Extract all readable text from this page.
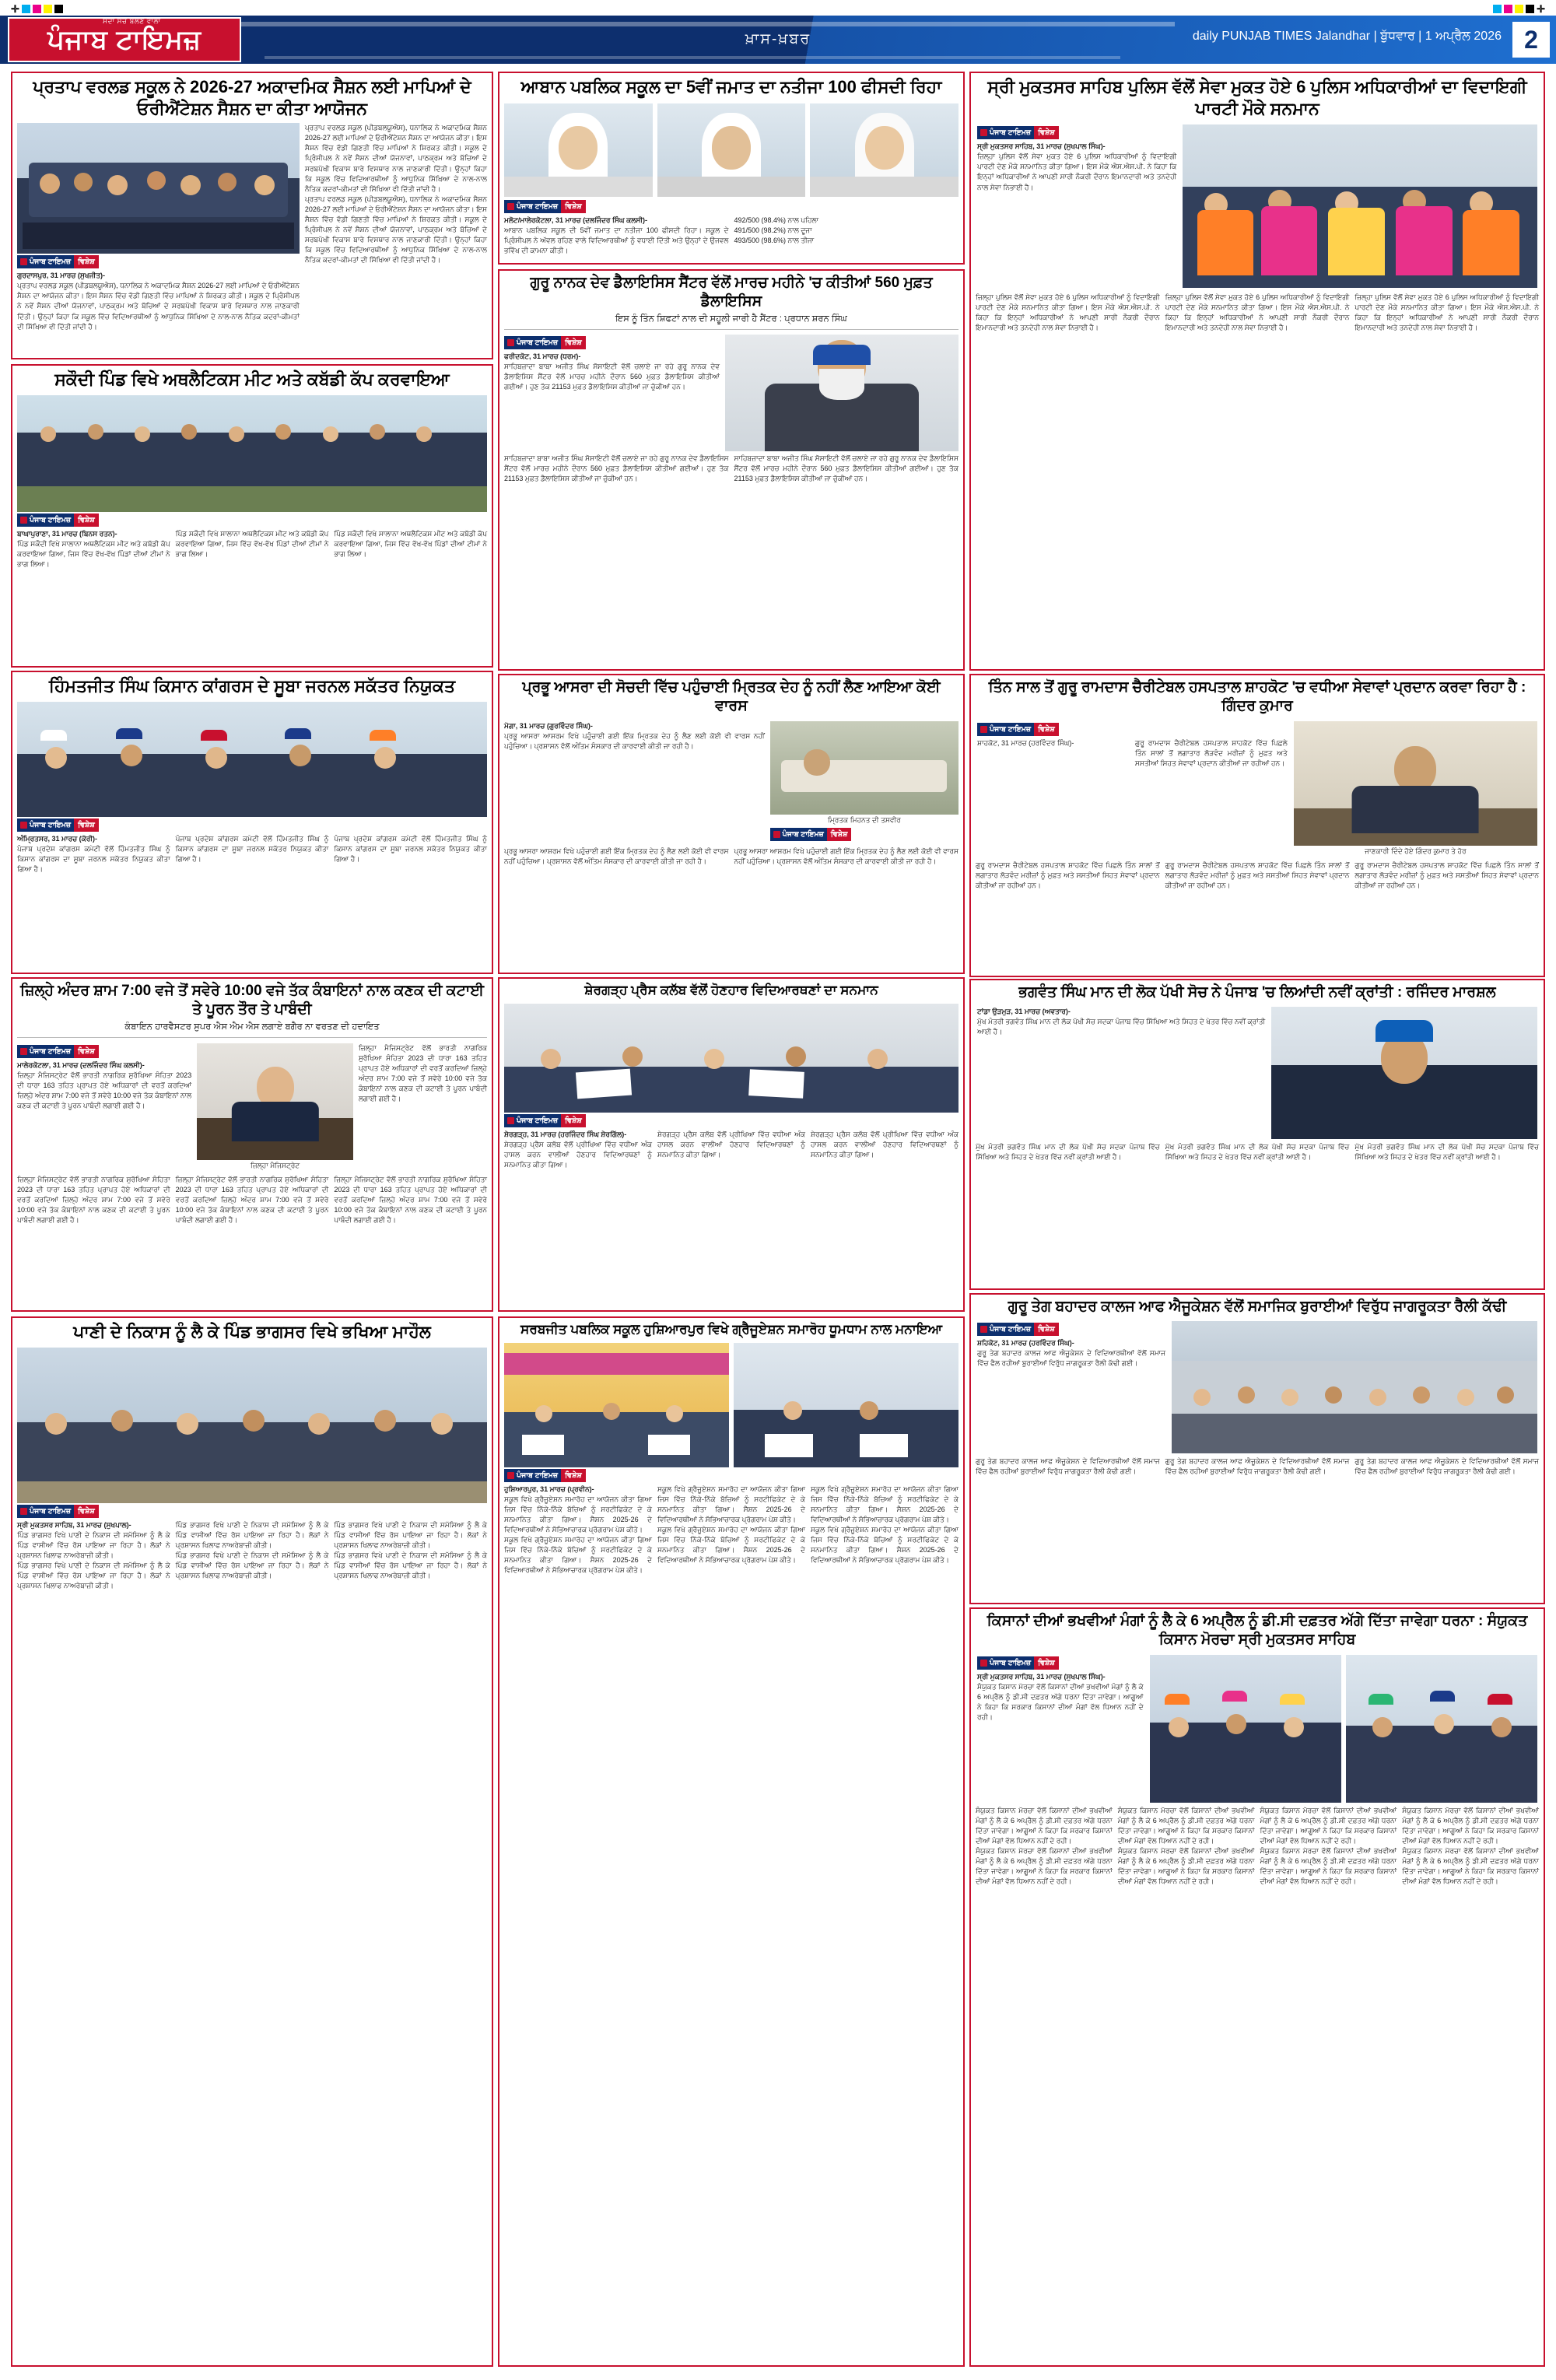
✛	✛
ਸਦਾ ਸੱਚ ਬੋਲਣ ਵਾਲਾ
ਪੰਜਾਬ ਟਾਇਮਜ਼	ਖ਼ਾਸ-ਖ਼ਬਰ	daily PUNJAB TIMES Jalandhar | ਬੁੱਧਵਾਰ | 1 ਅਪ੍ਰੈਲ 2026 2
ਪ੍ਰਤਾਪ ਵਰਲਡ ਸਕੂਲ ਨੇ 2026-27 ਅਕਾਦਮਿਕ ਸੈਸ਼ਨ ਲਈ ਮਾਪਿਆਂ ਦੇ ਓਰੀਐਂਟੇਸ਼ਨ ਸੈਸ਼ਨ ਦਾ ਕੀਤਾ ਆਯੋਜਨ
ਪੰਜਾਬ ਟਾਇਮਜ਼ ਵਿਸ਼ੇਸ਼
ਗੁਰਦਾਸਪੁਰ, 31 ਮਾਰਚ (ਸੁਖਜੀਤ)-
ਪ੍ਰਤਾਪ ਵਰਲਡ ਸਕੂਲ (ਪੀਡਬਲਯੂਐਸ), ਧਨਾਲਿਕ ਨੇ ਅਕਾਦਮਿਕ ਸੈਸ਼ਨ 2026-27 ਲਈ ਮਾਪਿਆਂ ਦੇ ਓਰੀਐਂਟੇਸ਼ਨ ਸੈਸ਼ਨ ਦਾ ਆਯੋਜਨ ਕੀਤਾ। ਇਸ ਸੈਸ਼ਨ ਵਿੱਚ ਵੱਡੀ ਗਿਣਤੀ ਵਿੱਚ ਮਾਪਿਆਂ ਨੇ ਸ਼ਿਰਕਤ ਕੀਤੀ। ਸਕੂਲ ਦੇ ਪ੍ਰਿੰਸੀਪਲ ਨੇ ਨਵੇਂ ਸੈਸ਼ਨ ਦੀਆਂ ਯੋਜਨਾਵਾਂ, ਪਾਠਕ੍ਰਮ ਅਤੇ ਬੱਚਿਆਂ ਦੇ ਸਰਬਪੱਖੀ ਵਿਕਾਸ ਬਾਰੇ ਵਿਸਥਾਰ ਨਾਲ ਜਾਣਕਾਰੀ ਦਿੱਤੀ। ਉਨ੍ਹਾਂ ਕਿਹਾ ਕਿ ਸਕੂਲ ਵਿੱਚ ਵਿਦਿਆਰਥੀਆਂ ਨੂੰ ਆਧੁਨਿਕ ਸਿੱਖਿਆ ਦੇ ਨਾਲ-ਨਾਲ ਨੈਤਿਕ ਕਦਰਾਂ-ਕੀਮਤਾਂ ਦੀ ਸਿੱਖਿਆ ਵੀ ਦਿੱਤੀ ਜਾਂਦੀ ਹੈ।
ਪ੍ਰਤਾਪ ਵਰਲਡ ਸਕੂਲ (ਪੀਡਬਲਯੂਐਸ), ਧਨਾਲਿਕ ਨੇ ਅਕਾਦਮਿਕ ਸੈਸ਼ਨ 2026-27 ਲਈ ਮਾਪਿਆਂ ਦੇ ਓਰੀਐਂਟੇਸ਼ਨ ਸੈਸ਼ਨ ਦਾ ਆਯੋਜਨ ਕੀਤਾ। ਇਸ ਸੈਸ਼ਨ ਵਿੱਚ ਵੱਡੀ ਗਿਣਤੀ ਵਿੱਚ ਮਾਪਿਆਂ ਨੇ ਸ਼ਿਰਕਤ ਕੀਤੀ। ਸਕੂਲ ਦੇ ਪ੍ਰਿੰਸੀਪਲ ਨੇ ਨਵੇਂ ਸੈਸ਼ਨ ਦੀਆਂ ਯੋਜਨਾਵਾਂ, ਪਾਠਕ੍ਰਮ ਅਤੇ ਬੱਚਿਆਂ ਦੇ ਸਰਬਪੱਖੀ ਵਿਕਾਸ ਬਾਰੇ ਵਿਸਥਾਰ ਨਾਲ ਜਾਣਕਾਰੀ ਦਿੱਤੀ। ਉਨ੍ਹਾਂ ਕਿਹਾ ਕਿ ਸਕੂਲ ਵਿੱਚ ਵਿਦਿਆਰਥੀਆਂ ਨੂੰ ਆਧੁਨਿਕ ਸਿੱਖਿਆ ਦੇ ਨਾਲ-ਨਾਲ ਨੈਤਿਕ ਕਦਰਾਂ-ਕੀਮਤਾਂ ਦੀ ਸਿੱਖਿਆ ਵੀ ਦਿੱਤੀ ਜਾਂਦੀ ਹੈ।
ਪ੍ਰਤਾਪ ਵਰਲਡ ਸਕੂਲ (ਪੀਡਬਲਯੂਐਸ), ਧਨਾਲਿਕ ਨੇ ਅਕਾਦਮਿਕ ਸੈਸ਼ਨ 2026-27 ਲਈ ਮਾਪਿਆਂ ਦੇ ਓਰੀਐਂਟੇਸ਼ਨ ਸੈਸ਼ਨ ਦਾ ਆਯੋਜਨ ਕੀਤਾ। ਇਸ ਸੈਸ਼ਨ ਵਿੱਚ ਵੱਡੀ ਗਿਣਤੀ ਵਿੱਚ ਮਾਪਿਆਂ ਨੇ ਸ਼ਿਰਕਤ ਕੀਤੀ। ਸਕੂਲ ਦੇ ਪ੍ਰਿੰਸੀਪਲ ਨੇ ਨਵੇਂ ਸੈਸ਼ਨ ਦੀਆਂ ਯੋਜਨਾਵਾਂ, ਪਾਠਕ੍ਰਮ ਅਤੇ ਬੱਚਿਆਂ ਦੇ ਸਰਬਪੱਖੀ ਵਿਕਾਸ ਬਾਰੇ ਵਿਸਥਾਰ ਨਾਲ ਜਾਣਕਾਰੀ ਦਿੱਤੀ। ਉਨ੍ਹਾਂ ਕਿਹਾ ਕਿ ਸਕੂਲ ਵਿੱਚ ਵਿਦਿਆਰਥੀਆਂ ਨੂੰ ਆਧੁਨਿਕ ਸਿੱਖਿਆ ਦੇ ਨਾਲ-ਨਾਲ ਨੈਤਿਕ ਕਦਰਾਂ-ਕੀਮਤਾਂ ਦੀ ਸਿੱਖਿਆ ਵੀ ਦਿੱਤੀ ਜਾਂਦੀ ਹੈ।
ਆਬਾਨ ਪਬਲਿਕ ਸਕੂਲ ਦਾ 5ਵੀਂ ਜਮਾਤ ਦਾ ਨਤੀਜਾ 100 ਫੀਸਦੀ ਰਿਹਾ
ਪੰਜਾਬ ਟਾਇਮਜ਼ ਵਿਸ਼ੇਸ਼
ਮਲੋਟ/ਮਾਲੇਰਕੋਟਲਾ, 31 ਮਾਰਚ (ਦਲਜਿੰਦਰ ਸਿੰਘ ਕਲਸੀ)-
ਆਬਾਨ ਪਬਲਿਕ ਸਕੂਲ ਦੀ 5ਵੀਂ ਜਮਾਤ ਦਾ ਨਤੀਜਾ 100 ਫੀਸਦੀ ਰਿਹਾ। ਸਕੂਲ ਦੇ ਪ੍ਰਿੰਸੀਪਲ ਨੇ ਅੱਵਲ ਰਹਿਣ ਵਾਲੇ ਵਿਦਿਆਰਥੀਆਂ ਨੂੰ ਵਧਾਈ ਦਿੱਤੀ ਅਤੇ ਉਨ੍ਹਾਂ ਦੇ ਉਜਵਲ ਭਵਿੱਖ ਦੀ ਕਾਮਨਾ ਕੀਤੀ।
492/500 (98.4%) ਨਾਲ ਪਹਿਲਾ
491/500 (98.2%) ਨਾਲ ਦੂਜਾ
493/500 (98.6%) ਨਾਲ ਤੀਜਾ
ਸ੍ਰੀ ਮੁਕਤਸਰ ਸਾਹਿਬ ਪੁਲਿਸ ਵੱਲੋਂ ਸੇਵਾ ਮੁਕਤ ਹੋਏ 6 ਪੁਲਿਸ ਅਧਿਕਾਰੀਆਂ ਦਾ ਵਿਦਾਇਗੀ ਪਾਰਟੀ ਮੌਕੇ ਸਨਮਾਨ
ਪੰਜਾਬ ਟਾਇਮਜ਼ ਵਿਸ਼ੇਸ਼
ਸ੍ਰੀ ਮੁਕਤਸਰ ਸਾਹਿਬ, 31 ਮਾਰਚ (ਸੁਖਪਾਲ ਸਿੰਘ)-
ਜ਼ਿਲ੍ਹਾ ਪੁਲਿਸ ਵੱਲੋਂ ਸੇਵਾ ਮੁਕਤ ਹੋਏ 6 ਪੁਲਿਸ ਅਧਿਕਾਰੀਆਂ ਨੂੰ ਵਿਦਾਇਗੀ ਪਾਰਟੀ ਦੇਣ ਮੌਕੇ ਸਨਮਾਨਿਤ ਕੀਤਾ ਗਿਆ। ਇਸ ਮੌਕੇ ਐਸ.ਐਸ.ਪੀ. ਨੇ ਕਿਹਾ ਕਿ ਇਨ੍ਹਾਂ ਅਧਿਕਾਰੀਆਂ ਨੇ ਆਪਣੀ ਸਾਰੀ ਨੌਕਰੀ ਦੌਰਾਨ ਇਮਾਨਦਾਰੀ ਅਤੇ ਤਨਦੇਹੀ ਨਾਲ ਸੇਵਾ ਨਿਭਾਈ ਹੈ।
ਜ਼ਿਲ੍ਹਾ ਪੁਲਿਸ ਵੱਲੋਂ ਸੇਵਾ ਮੁਕਤ ਹੋਏ 6 ਪੁਲਿਸ ਅਧਿਕਾਰੀਆਂ ਨੂੰ ਵਿਦਾਇਗੀ ਪਾਰਟੀ ਦੇਣ ਮੌਕੇ ਸਨਮਾਨਿਤ ਕੀਤਾ ਗਿਆ। ਇਸ ਮੌਕੇ ਐਸ.ਐਸ.ਪੀ. ਨੇ ਕਿਹਾ ਕਿ ਇਨ੍ਹਾਂ ਅਧਿਕਾਰੀਆਂ ਨੇ ਆਪਣੀ ਸਾਰੀ ਨੌਕਰੀ ਦੌਰਾਨ ਇਮਾਨਦਾਰੀ ਅਤੇ ਤਨਦੇਹੀ ਨਾਲ ਸੇਵਾ ਨਿਭਾਈ ਹੈ।
ਜ਼ਿਲ੍ਹਾ ਪੁਲਿਸ ਵੱਲੋਂ ਸੇਵਾ ਮੁਕਤ ਹੋਏ 6 ਪੁਲਿਸ ਅਧਿਕਾਰੀਆਂ ਨੂੰ ਵਿਦਾਇਗੀ ਪਾਰਟੀ ਦੇਣ ਮੌਕੇ ਸਨਮਾਨਿਤ ਕੀਤਾ ਗਿਆ। ਇਸ ਮੌਕੇ ਐਸ.ਐਸ.ਪੀ. ਨੇ ਕਿਹਾ ਕਿ ਇਨ੍ਹਾਂ ਅਧਿਕਾਰੀਆਂ ਨੇ ਆਪਣੀ ਸਾਰੀ ਨੌਕਰੀ ਦੌਰਾਨ ਇਮਾਨਦਾਰੀ ਅਤੇ ਤਨਦੇਹੀ ਨਾਲ ਸੇਵਾ ਨਿਭਾਈ ਹੈ।
ਜ਼ਿਲ੍ਹਾ ਪੁਲਿਸ ਵੱਲੋਂ ਸੇਵਾ ਮੁਕਤ ਹੋਏ 6 ਪੁਲਿਸ ਅਧਿਕਾਰੀਆਂ ਨੂੰ ਵਿਦਾਇਗੀ ਪਾਰਟੀ ਦੇਣ ਮੌਕੇ ਸਨਮਾਨਿਤ ਕੀਤਾ ਗਿਆ। ਇਸ ਮੌਕੇ ਐਸ.ਐਸ.ਪੀ. ਨੇ ਕਿਹਾ ਕਿ ਇਨ੍ਹਾਂ ਅਧਿਕਾਰੀਆਂ ਨੇ ਆਪਣੀ ਸਾਰੀ ਨੌਕਰੀ ਦੌਰਾਨ ਇਮਾਨਦਾਰੀ ਅਤੇ ਤਨਦੇਹੀ ਨਾਲ ਸੇਵਾ ਨਿਭਾਈ ਹੈ।
ਗੁਰੂ ਨਾਨਕ ਦੇਵ ਡੈਲਾਇਸਿਸ ਸੈਂਟਰ ਵੱਲੋਂ ਮਾਰਚ ਮਹੀਨੇ 'ਚ ਕੀਤੀਆਂ 560 ਮੁਫ਼ਤ ਡੈਲਾਇਸਿਸ
ਇਸ ਨੂੰ ਤਿੰਨ ਸ਼ਿਫਟਾਂ ਨਾਲ ਦੀ ਸਹੂਲੀ ਜਾਰੀ ਹੈ ਸੈਂਟਰ : ਪ੍ਰਧਾਨ ਸ਼ਰਨ ਸਿੰਘ
ਪੰਜਾਬ ਟਾਇਮਜ਼ ਵਿਸ਼ੇਸ਼
ਫਰੀਦਕੋਟ, 31 ਮਾਰਚ (ਧਰਮ)-
ਸਾਹਿਬਜ਼ਾਦਾ ਬਾਬਾ ਅਜੀਤ ਸਿੰਘ ਸੋਸਾਇਟੀ ਵੱਲੋਂ ਚਲਾਏ ਜਾ ਰਹੇ ਗੁਰੂ ਨਾਨਕ ਦੇਵ ਡੈਲਾਇਸਿਸ ਸੈਂਟਰ ਵੱਲੋਂ ਮਾਰਚ ਮਹੀਨੇ ਦੌਰਾਨ 560 ਮੁਫ਼ਤ ਡੈਲਾਇਸਿਸ ਕੀਤੀਆਂ ਗਈਆਂ। ਹੁਣ ਤੱਕ 21153 ਮੁਫ਼ਤ ਡੈਲਾਇਸਿਸ ਕੀਤੀਆਂ ਜਾ ਚੁੱਕੀਆਂ ਹਨ।
ਸਾਹਿਬਜ਼ਾਦਾ ਬਾਬਾ ਅਜੀਤ ਸਿੰਘ ਸੋਸਾਇਟੀ ਵੱਲੋਂ ਚਲਾਏ ਜਾ ਰਹੇ ਗੁਰੂ ਨਾਨਕ ਦੇਵ ਡੈਲਾਇਸਿਸ ਸੈਂਟਰ ਵੱਲੋਂ ਮਾਰਚ ਮਹੀਨੇ ਦੌਰਾਨ 560 ਮੁਫ਼ਤ ਡੈਲਾਇਸਿਸ ਕੀਤੀਆਂ ਗਈਆਂ। ਹੁਣ ਤੱਕ 21153 ਮੁਫ਼ਤ ਡੈਲਾਇਸਿਸ ਕੀਤੀਆਂ ਜਾ ਚੁੱਕੀਆਂ ਹਨ।
ਸਾਹਿਬਜ਼ਾਦਾ ਬਾਬਾ ਅਜੀਤ ਸਿੰਘ ਸੋਸਾਇਟੀ ਵੱਲੋਂ ਚਲਾਏ ਜਾ ਰਹੇ ਗੁਰੂ ਨਾਨਕ ਦੇਵ ਡੈਲਾਇਸਿਸ ਸੈਂਟਰ ਵੱਲੋਂ ਮਾਰਚ ਮਹੀਨੇ ਦੌਰਾਨ 560 ਮੁਫ਼ਤ ਡੈਲਾਇਸਿਸ ਕੀਤੀਆਂ ਗਈਆਂ। ਹੁਣ ਤੱਕ 21153 ਮੁਫ਼ਤ ਡੈਲਾਇਸਿਸ ਕੀਤੀਆਂ ਜਾ ਚੁੱਕੀਆਂ ਹਨ।
ਸਕੌਦੀ ਪਿੰਡ ਵਿਖੇ ਅਥਲੈਟਿਕਸ ਮੀਟ ਅਤੇ ਕਬੱਡੀ ਕੱਪ ਕਰਵਾਇਆ
ਪੰਜਾਬ ਟਾਇਮਜ਼ ਵਿਸ਼ੇਸ਼
ਬਾਘਾਪੁਰਾਣਾ, 31 ਮਾਰਚ (ਬਿਨਸ ਰਤਨ)-
ਪਿੰਡ ਸਕੌਦੀ ਵਿਖੇ ਸਾਲਾਨਾ ਅਥਲੈਟਿਕਸ ਮੀਟ ਅਤੇ ਕਬੱਡੀ ਕੱਪ ਕਰਵਾਇਆ ਗਿਆ, ਜਿਸ ਵਿੱਚ ਵੱਖ-ਵੱਖ ਪਿੰਡਾਂ ਦੀਆਂ ਟੀਮਾਂ ਨੇ ਭਾਗ ਲਿਆ।
ਪਿੰਡ ਸਕੌਦੀ ਵਿਖੇ ਸਾਲਾਨਾ ਅਥਲੈਟਿਕਸ ਮੀਟ ਅਤੇ ਕਬੱਡੀ ਕੱਪ ਕਰਵਾਇਆ ਗਿਆ, ਜਿਸ ਵਿੱਚ ਵੱਖ-ਵੱਖ ਪਿੰਡਾਂ ਦੀਆਂ ਟੀਮਾਂ ਨੇ ਭਾਗ ਲਿਆ।
ਪਿੰਡ ਸਕੌਦੀ ਵਿਖੇ ਸਾਲਾਨਾ ਅਥਲੈਟਿਕਸ ਮੀਟ ਅਤੇ ਕਬੱਡੀ ਕੱਪ ਕਰਵਾਇਆ ਗਿਆ, ਜਿਸ ਵਿੱਚ ਵੱਖ-ਵੱਖ ਪਿੰਡਾਂ ਦੀਆਂ ਟੀਮਾਂ ਨੇ ਭਾਗ ਲਿਆ।
ਤਿੰਨ ਸਾਲ ਤੋਂ ਗੁਰੂ ਰਾਮਦਾਸ ਚੈਰੀਟੇਬਲ ਹਸਪਤਾਲ ਸ਼ਾਹਕੋਟ 'ਚ ਵਧੀਆ ਸੇਵਾਵਾਂ ਪ੍ਰਦਾਨ ਕਰਵਾ ਰਿਹਾ ਹੈ : ਗਿੰਦਰ ਕੁਮਾਰ
ਪੰਜਾਬ ਟਾਇਮਜ਼ ਵਿਸ਼ੇਸ਼
ਸ਼ਾਹਕੋਟ, 31 ਮਾਰਚ (ਹਰਵਿੰਦਰ ਸਿੰਘ)-	ਗੁਰੂ ਰਾਮਦਾਸ ਚੈਰੀਟੇਬਲ ਹਸਪਤਾਲ ਸ਼ਾਹਕੋਟ ਵਿੱਚ ਪਿਛਲੇ ਤਿੰਨ ਸਾਲਾਂ ਤੋਂ ਲਗਾਤਾਰ ਲੋੜਵੰਦ ਮਰੀਜ਼ਾਂ ਨੂੰ ਮੁਫ਼ਤ ਅਤੇ ਸਸਤੀਆਂ ਸਿਹਤ ਸੇਵਾਵਾਂ ਪ੍ਰਦਾਨ ਕੀਤੀਆਂ ਜਾ ਰਹੀਆਂ ਹਨ।
ਜਾਣਕਾਰੀ ਦਿੰਦੇ ਹੋਏ ਗਿੰਦਰ ਕੁਮਾਰ ਤੇ ਹੋਰ
ਗੁਰੂ ਰਾਮਦਾਸ ਚੈਰੀਟੇਬਲ ਹਸਪਤਾਲ ਸ਼ਾਹਕੋਟ ਵਿੱਚ ਪਿਛਲੇ ਤਿੰਨ ਸਾਲਾਂ ਤੋਂ ਲਗਾਤਾਰ ਲੋੜਵੰਦ ਮਰੀਜ਼ਾਂ ਨੂੰ ਮੁਫ਼ਤ ਅਤੇ ਸਸਤੀਆਂ ਸਿਹਤ ਸੇਵਾਵਾਂ ਪ੍ਰਦਾਨ ਕੀਤੀਆਂ ਜਾ ਰਹੀਆਂ ਹਨ।
ਗੁਰੂ ਰਾਮਦਾਸ ਚੈਰੀਟੇਬਲ ਹਸਪਤਾਲ ਸ਼ਾਹਕੋਟ ਵਿੱਚ ਪਿਛਲੇ ਤਿੰਨ ਸਾਲਾਂ ਤੋਂ ਲਗਾਤਾਰ ਲੋੜਵੰਦ ਮਰੀਜ਼ਾਂ ਨੂੰ ਮੁਫ਼ਤ ਅਤੇ ਸਸਤੀਆਂ ਸਿਹਤ ਸੇਵਾਵਾਂ ਪ੍ਰਦਾਨ ਕੀਤੀਆਂ ਜਾ ਰਹੀਆਂ ਹਨ।
ਗੁਰੂ ਰਾਮਦਾਸ ਚੈਰੀਟੇਬਲ ਹਸਪਤਾਲ ਸ਼ਾਹਕੋਟ ਵਿੱਚ ਪਿਛਲੇ ਤਿੰਨ ਸਾਲਾਂ ਤੋਂ ਲਗਾਤਾਰ ਲੋੜਵੰਦ ਮਰੀਜ਼ਾਂ ਨੂੰ ਮੁਫ਼ਤ ਅਤੇ ਸਸਤੀਆਂ ਸਿਹਤ ਸੇਵਾਵਾਂ ਪ੍ਰਦਾਨ ਕੀਤੀਆਂ ਜਾ ਰਹੀਆਂ ਹਨ।
ਹਿੰਮਤਜੀਤ ਸਿੰਘ ਕਿਸਾਨ ਕਾਂਗਰਸ ਦੇ ਸੂਬਾ ਜਰਨਲ ਸਕੱਤਰ ਨਿਯੁਕਤ
ਪੰਜਾਬ ਟਾਇਮਜ਼ ਵਿਸ਼ੇਸ਼
ਅੰਮ੍ਰਿਤਸਰ, 31 ਮਾਰਚ (ਕੋਰੀ)-
ਪੰਜਾਬ ਪ੍ਰਦੇਸ਼ ਕਾਂਗਰਸ ਕਮੇਟੀ ਵੱਲੋਂ ਹਿੰਮਤਜੀਤ ਸਿੰਘ ਨੂੰ ਕਿਸਾਨ ਕਾਂਗਰਸ ਦਾ ਸੂਬਾ ਜਰਨਲ ਸਕੱਤਰ ਨਿਯੁਕਤ ਕੀਤਾ ਗਿਆ ਹੈ।
ਪੰਜਾਬ ਪ੍ਰਦੇਸ਼ ਕਾਂਗਰਸ ਕਮੇਟੀ ਵੱਲੋਂ ਹਿੰਮਤਜੀਤ ਸਿੰਘ ਨੂੰ ਕਿਸਾਨ ਕਾਂਗਰਸ ਦਾ ਸੂਬਾ ਜਰਨਲ ਸਕੱਤਰ ਨਿਯੁਕਤ ਕੀਤਾ ਗਿਆ ਹੈ।
ਪੰਜਾਬ ਪ੍ਰਦੇਸ਼ ਕਾਂਗਰਸ ਕਮੇਟੀ ਵੱਲੋਂ ਹਿੰਮਤਜੀਤ ਸਿੰਘ ਨੂੰ ਕਿਸਾਨ ਕਾਂਗਰਸ ਦਾ ਸੂਬਾ ਜਰਨਲ ਸਕੱਤਰ ਨਿਯੁਕਤ ਕੀਤਾ ਗਿਆ ਹੈ।
ਪ੍ਰਭੂ ਆਸਰਾ ਦੀ ਸੋਚਦੀ ਵਿੱਚ ਪਹੁੰਚਾਈ ਮ੍ਰਿਤਕ ਦੇਹ ਨੂੰ ਨਹੀਂ ਲੈਣ ਆਇਆ ਕੋਈ ਵਾਰਸ
ਮੋਗਾ, 31 ਮਾਰਚ (ਗੁਰਵਿੰਦਰ ਸਿੰਘ)-
ਪ੍ਰਭੂ ਆਸਰਾ ਆਸ਼ਰਮ ਵਿਖੇ ਪਹੁੰਚਾਈ ਗਈ ਇੱਕ ਮ੍ਰਿਤਕ ਦੇਹ ਨੂੰ ਲੈਣ ਲਈ ਕੋਈ ਵੀ ਵਾਰਸ ਨਹੀਂ ਪਹੁੰਚਿਆ। ਪ੍ਰਸ਼ਾਸਨ ਵੱਲੋਂ ਅੰਤਿਮ ਸੰਸਕਾਰ ਦੀ ਕਾਰਵਾਈ ਕੀਤੀ ਜਾ ਰਹੀ ਹੈ।
ਮ੍ਰਿਤਕ ਮਿਹਨਤ ਦੀ ਤਸਵੀਰ
ਪੰਜਾਬ ਟਾਇਮਜ਼ ਵਿਸ਼ੇਸ਼
ਪ੍ਰਭੂ ਆਸਰਾ ਆਸ਼ਰਮ ਵਿਖੇ ਪਹੁੰਚਾਈ ਗਈ ਇੱਕ ਮ੍ਰਿਤਕ ਦੇਹ ਨੂੰ ਲੈਣ ਲਈ ਕੋਈ ਵੀ ਵਾਰਸ ਨਹੀਂ ਪਹੁੰਚਿਆ। ਪ੍ਰਸ਼ਾਸਨ ਵੱਲੋਂ ਅੰਤਿਮ ਸੰਸਕਾਰ ਦੀ ਕਾਰਵਾਈ ਕੀਤੀ ਜਾ ਰਹੀ ਹੈ।
ਪ੍ਰਭੂ ਆਸਰਾ ਆਸ਼ਰਮ ਵਿਖੇ ਪਹੁੰਚਾਈ ਗਈ ਇੱਕ ਮ੍ਰਿਤਕ ਦੇਹ ਨੂੰ ਲੈਣ ਲਈ ਕੋਈ ਵੀ ਵਾਰਸ ਨਹੀਂ ਪਹੁੰਚਿਆ। ਪ੍ਰਸ਼ਾਸਨ ਵੱਲੋਂ ਅੰਤਿਮ ਸੰਸਕਾਰ ਦੀ ਕਾਰਵਾਈ ਕੀਤੀ ਜਾ ਰਹੀ ਹੈ।
ਭਗਵੰਤ ਸਿੰਘ ਮਾਨ ਦੀ ਲੋਕ ਪੱਖੀ ਸੋਚ ਨੇ ਪੰਜਾਬ 'ਚ ਲਿਆਂਦੀ ਨਵੀਂ ਕ੍ਰਾਂਤੀ : ਰਜਿੰਦਰ ਮਾਰਸ਼ਲ
ਟਾਂਡਾ ਉੜਮੁੜ, 31 ਮਾਰਚ (ਅਵਤਾਰ)-
ਮੁੱਖ ਮੰਤਰੀ ਭਗਵੰਤ ਸਿੰਘ ਮਾਨ ਦੀ ਲੋਕ ਪੱਖੀ ਸੋਚ ਸਦਕਾ ਪੰਜਾਬ ਵਿੱਚ ਸਿੱਖਿਆ ਅਤੇ ਸਿਹਤ ਦੇ ਖੇਤਰ ਵਿੱਚ ਨਵੀਂ ਕ੍ਰਾਂਤੀ ਆਈ ਹੈ।
ਮੁੱਖ ਮੰਤਰੀ ਭਗਵੰਤ ਸਿੰਘ ਮਾਨ ਦੀ ਲੋਕ ਪੱਖੀ ਸੋਚ ਸਦਕਾ ਪੰਜਾਬ ਵਿੱਚ ਸਿੱਖਿਆ ਅਤੇ ਸਿਹਤ ਦੇ ਖੇਤਰ ਵਿੱਚ ਨਵੀਂ ਕ੍ਰਾਂਤੀ ਆਈ ਹੈ।
ਮੁੱਖ ਮੰਤਰੀ ਭਗਵੰਤ ਸਿੰਘ ਮਾਨ ਦੀ ਲੋਕ ਪੱਖੀ ਸੋਚ ਸਦਕਾ ਪੰਜਾਬ ਵਿੱਚ ਸਿੱਖਿਆ ਅਤੇ ਸਿਹਤ ਦੇ ਖੇਤਰ ਵਿੱਚ ਨਵੀਂ ਕ੍ਰਾਂਤੀ ਆਈ ਹੈ।
ਮੁੱਖ ਮੰਤਰੀ ਭਗਵੰਤ ਸਿੰਘ ਮਾਨ ਦੀ ਲੋਕ ਪੱਖੀ ਸੋਚ ਸਦਕਾ ਪੰਜਾਬ ਵਿੱਚ ਸਿੱਖਿਆ ਅਤੇ ਸਿਹਤ ਦੇ ਖੇਤਰ ਵਿੱਚ ਨਵੀਂ ਕ੍ਰਾਂਤੀ ਆਈ ਹੈ।
ਜ਼ਿਲ੍ਹੇ ਅੰਦਰ ਸ਼ਾਮ 7:00 ਵਜੇ ਤੋਂ ਸਵੇਰੇ 10:00 ਵਜੇ ਤੱਕ ਕੰਬਾਇਨਾਂ ਨਾਲ ਕਣਕ ਦੀ ਕਟਾਈ ਤੇ ਪੂਰਨ ਤੌਰ ਤੇ ਪਾਬੰਦੀ
ਕੰਬਾਇਨ ਹਾਰਵੈਸਟਰ ਸੁਪਰ ਐਸ ਐਮ ਐਸ ਲਗਾਏ ਬਗੈਰ ਨਾ ਵਰਤਣ ਦੀ ਹਦਾਇਤ
ਪੰਜਾਬ ਟਾਇਮਜ਼ ਵਿਸ਼ੇਸ਼
ਮਾਲੇਰਕੋਟਲਾ, 31 ਮਾਰਚ (ਦਲਜਿੰਦਰ ਸਿੰਘ ਕਲਸੀ)-
ਜ਼ਿਲ੍ਹਾ ਮੈਜਿਸਟ੍ਰੇਟ ਵੱਲੋਂ ਭਾਰਤੀ ਨਾਗਰਿਕ ਸੁਰੱਖਿਆ ਸੰਹਿਤਾ 2023 ਦੀ ਧਾਰਾ 163 ਤਹਿਤ ਪ੍ਰਾਪਤ ਹੋਏ ਅਧਿਕਾਰਾਂ ਦੀ ਵਰਤੋਂ ਕਰਦਿਆਂ ਜ਼ਿਲ੍ਹੇ ਅੰਦਰ ਸ਼ਾਮ 7:00 ਵਜੇ ਤੋਂ ਸਵੇਰੇ 10:00 ਵਜੇ ਤੱਕ ਕੰਬਾਇਨਾਂ ਨਾਲ ਕਣਕ ਦੀ ਕਟਾਈ ਤੇ ਪੂਰਨ ਪਾਬੰਦੀ ਲਗਾਈ ਗਈ ਹੈ।
ਜ਼ਿਲ੍ਹਾ ਮੈਜਿਸਟ੍ਰੇਟ
ਜ਼ਿਲ੍ਹਾ ਮੈਜਿਸਟ੍ਰੇਟ ਵੱਲੋਂ ਭਾਰਤੀ ਨਾਗਰਿਕ ਸੁਰੱਖਿਆ ਸੰਹਿਤਾ 2023 ਦੀ ਧਾਰਾ 163 ਤਹਿਤ ਪ੍ਰਾਪਤ ਹੋਏ ਅਧਿਕਾਰਾਂ ਦੀ ਵਰਤੋਂ ਕਰਦਿਆਂ ਜ਼ਿਲ੍ਹੇ ਅੰਦਰ ਸ਼ਾਮ 7:00 ਵਜੇ ਤੋਂ ਸਵੇਰੇ 10:00 ਵਜੇ ਤੱਕ ਕੰਬਾਇਨਾਂ ਨਾਲ ਕਣਕ ਦੀ ਕਟਾਈ ਤੇ ਪੂਰਨ ਪਾਬੰਦੀ ਲਗਾਈ ਗਈ ਹੈ।
ਜ਼ਿਲ੍ਹਾ ਮੈਜਿਸਟ੍ਰੇਟ ਵੱਲੋਂ ਭਾਰਤੀ ਨਾਗਰਿਕ ਸੁਰੱਖਿਆ ਸੰਹਿਤਾ 2023 ਦੀ ਧਾਰਾ 163 ਤਹਿਤ ਪ੍ਰਾਪਤ ਹੋਏ ਅਧਿਕਾਰਾਂ ਦੀ ਵਰਤੋਂ ਕਰਦਿਆਂ ਜ਼ਿਲ੍ਹੇ ਅੰਦਰ ਸ਼ਾਮ 7:00 ਵਜੇ ਤੋਂ ਸਵੇਰੇ 10:00 ਵਜੇ ਤੱਕ ਕੰਬਾਇਨਾਂ ਨਾਲ ਕਣਕ ਦੀ ਕਟਾਈ ਤੇ ਪੂਰਨ ਪਾਬੰਦੀ ਲਗਾਈ ਗਈ ਹੈ।
ਜ਼ਿਲ੍ਹਾ ਮੈਜਿਸਟ੍ਰੇਟ ਵੱਲੋਂ ਭਾਰਤੀ ਨਾਗਰਿਕ ਸੁਰੱਖਿਆ ਸੰਹਿਤਾ 2023 ਦੀ ਧਾਰਾ 163 ਤਹਿਤ ਪ੍ਰਾਪਤ ਹੋਏ ਅਧਿਕਾਰਾਂ ਦੀ ਵਰਤੋਂ ਕਰਦਿਆਂ ਜ਼ਿਲ੍ਹੇ ਅੰਦਰ ਸ਼ਾਮ 7:00 ਵਜੇ ਤੋਂ ਸਵੇਰੇ 10:00 ਵਜੇ ਤੱਕ ਕੰਬਾਇਨਾਂ ਨਾਲ ਕਣਕ ਦੀ ਕਟਾਈ ਤੇ ਪੂਰਨ ਪਾਬੰਦੀ ਲਗਾਈ ਗਈ ਹੈ।
ਜ਼ਿਲ੍ਹਾ ਮੈਜਿਸਟ੍ਰੇਟ ਵੱਲੋਂ ਭਾਰਤੀ ਨਾਗਰਿਕ ਸੁਰੱਖਿਆ ਸੰਹਿਤਾ 2023 ਦੀ ਧਾਰਾ 163 ਤਹਿਤ ਪ੍ਰਾਪਤ ਹੋਏ ਅਧਿਕਾਰਾਂ ਦੀ ਵਰਤੋਂ ਕਰਦਿਆਂ ਜ਼ਿਲ੍ਹੇ ਅੰਦਰ ਸ਼ਾਮ 7:00 ਵਜੇ ਤੋਂ ਸਵੇਰੇ 10:00 ਵਜੇ ਤੱਕ ਕੰਬਾਇਨਾਂ ਨਾਲ ਕਣਕ ਦੀ ਕਟਾਈ ਤੇ ਪੂਰਨ ਪਾਬੰਦੀ ਲਗਾਈ ਗਈ ਹੈ।
ਸ਼ੇਰਗੜ੍ਹ ਪ੍ਰੈਸ ਕਲੱਬ ਵੱਲੋਂ ਹੋਣਹਾਰ ਵਿਦਿਆਰਥਣਾਂ ਦਾ ਸਨਮਾਨ
ਪੰਜਾਬ ਟਾਇਮਜ਼ ਵਿਸ਼ੇਸ਼
ਸ਼ੇਰਗੜ੍ਹ, 31 ਮਾਰਚ (ਹਰਜਿੰਦਰ ਸਿੰਘ ਸ਼ੇਰਗਿੱਲ)-
ਸ਼ੇਰਗੜ੍ਹ ਪ੍ਰੈਸ ਕਲੱਬ ਵੱਲੋਂ ਪ੍ਰੀਖਿਆ ਵਿੱਚ ਵਧੀਆ ਅੰਕ ਹਾਸਲ ਕਰਨ ਵਾਲੀਆਂ ਹੋਣਹਾਰ ਵਿਦਿਆਰਥਣਾਂ ਨੂੰ ਸਨਮਾਨਿਤ ਕੀਤਾ ਗਿਆ।
ਸ਼ੇਰਗੜ੍ਹ ਪ੍ਰੈਸ ਕਲੱਬ ਵੱਲੋਂ ਪ੍ਰੀਖਿਆ ਵਿੱਚ ਵਧੀਆ ਅੰਕ ਹਾਸਲ ਕਰਨ ਵਾਲੀਆਂ ਹੋਣਹਾਰ ਵਿਦਿਆਰਥਣਾਂ ਨੂੰ ਸਨਮਾਨਿਤ ਕੀਤਾ ਗਿਆ।
ਸ਼ੇਰਗੜ੍ਹ ਪ੍ਰੈਸ ਕਲੱਬ ਵੱਲੋਂ ਪ੍ਰੀਖਿਆ ਵਿੱਚ ਵਧੀਆ ਅੰਕ ਹਾਸਲ ਕਰਨ ਵਾਲੀਆਂ ਹੋਣਹਾਰ ਵਿਦਿਆਰਥਣਾਂ ਨੂੰ ਸਨਮਾਨਿਤ ਕੀਤਾ ਗਿਆ।
ਗੁਰੂ ਤੇਗ ਬਹਾਦਰ ਕਾਲਜ ਆਫ ਐਜੂਕੇਸ਼ਨ ਵੱਲੋਂ ਸਮਾਜਿਕ ਬੁਰਾਈਆਂ ਵਿਰੁੱਧ ਜਾਗਰੂਕਤਾ ਰੈਲੀ ਕੱਢੀ
ਪੰਜਾਬ ਟਾਇਮਜ਼ ਵਿਸ਼ੇਸ਼
ਸ਼ਹਿਕੋਟ, 31 ਮਾਰਚ (ਹਰਵਿੰਦਰ ਸਿੰਘ)-
ਗੁਰੂ ਤੇਗ ਬਹਾਦਰ ਕਾਲਜ ਆਫ ਐਜੂਕੇਸ਼ਨ ਦੇ ਵਿਦਿਆਰਥੀਆਂ ਵੱਲੋਂ ਸਮਾਜ ਵਿੱਚ ਫੈਲ ਰਹੀਆਂ ਬੁਰਾਈਆਂ ਵਿਰੁੱਧ ਜਾਗਰੂਕਤਾ ਰੈਲੀ ਕੱਢੀ ਗਈ।
ਗੁਰੂ ਤੇਗ ਬਹਾਦਰ ਕਾਲਜ ਆਫ ਐਜੂਕੇਸ਼ਨ ਦੇ ਵਿਦਿਆਰਥੀਆਂ ਵੱਲੋਂ ਸਮਾਜ ਵਿੱਚ ਫੈਲ ਰਹੀਆਂ ਬੁਰਾਈਆਂ ਵਿਰੁੱਧ ਜਾਗਰੂਕਤਾ ਰੈਲੀ ਕੱਢੀ ਗਈ।
ਗੁਰੂ ਤੇਗ ਬਹਾਦਰ ਕਾਲਜ ਆਫ ਐਜੂਕੇਸ਼ਨ ਦੇ ਵਿਦਿਆਰਥੀਆਂ ਵੱਲੋਂ ਸਮਾਜ ਵਿੱਚ ਫੈਲ ਰਹੀਆਂ ਬੁਰਾਈਆਂ ਵਿਰੁੱਧ ਜਾਗਰੂਕਤਾ ਰੈਲੀ ਕੱਢੀ ਗਈ।
ਗੁਰੂ ਤੇਗ ਬਹਾਦਰ ਕਾਲਜ ਆਫ ਐਜੂਕੇਸ਼ਨ ਦੇ ਵਿਦਿਆਰਥੀਆਂ ਵੱਲੋਂ ਸਮਾਜ ਵਿੱਚ ਫੈਲ ਰਹੀਆਂ ਬੁਰਾਈਆਂ ਵਿਰੁੱਧ ਜਾਗਰੂਕਤਾ ਰੈਲੀ ਕੱਢੀ ਗਈ।
ਪਾਣੀ ਦੇ ਨਿਕਾਸ ਨੂੰ ਲੈ ਕੇ ਪਿੰਡ ਭਾਗਸਰ ਵਿਖੇ ਭਖਿਆ ਮਾਹੌਲ
ਪੰਜਾਬ ਟਾਇਮਜ਼ ਵਿਸ਼ੇਸ਼
ਸ੍ਰੀ ਮੁਕਤਸਰ ਸਾਹਿਬ, 31 ਮਾਰਚ (ਸੁਖਪਾਲ)-
ਪਿੰਡ ਭਾਗਸਰ ਵਿਖੇ ਪਾਣੀ ਦੇ ਨਿਕਾਸ ਦੀ ਸਮੱਸਿਆ ਨੂੰ ਲੈ ਕੇ ਪਿੰਡ ਵਾਸੀਆਂ ਵਿੱਚ ਰੋਸ ਪਾਇਆ ਜਾ ਰਿਹਾ ਹੈ। ਲੋਕਾਂ ਨੇ ਪ੍ਰਸ਼ਾਸਨ ਖਿਲਾਫ ਨਾਅਰੇਬਾਜ਼ੀ ਕੀਤੀ।
ਪਿੰਡ ਭਾਗਸਰ ਵਿਖੇ ਪਾਣੀ ਦੇ ਨਿਕਾਸ ਦੀ ਸਮੱਸਿਆ ਨੂੰ ਲੈ ਕੇ ਪਿੰਡ ਵਾਸੀਆਂ ਵਿੱਚ ਰੋਸ ਪਾਇਆ ਜਾ ਰਿਹਾ ਹੈ। ਲੋਕਾਂ ਨੇ ਪ੍ਰਸ਼ਾਸਨ ਖਿਲਾਫ ਨਾਅਰੇਬਾਜ਼ੀ ਕੀਤੀ।
ਪਿੰਡ ਭਾਗਸਰ ਵਿਖੇ ਪਾਣੀ ਦੇ ਨਿਕਾਸ ਦੀ ਸਮੱਸਿਆ ਨੂੰ ਲੈ ਕੇ ਪਿੰਡ ਵਾਸੀਆਂ ਵਿੱਚ ਰੋਸ ਪਾਇਆ ਜਾ ਰਿਹਾ ਹੈ। ਲੋਕਾਂ ਨੇ ਪ੍ਰਸ਼ਾਸਨ ਖਿਲਾਫ ਨਾਅਰੇਬਾਜ਼ੀ ਕੀਤੀ।
ਪਿੰਡ ਭਾਗਸਰ ਵਿਖੇ ਪਾਣੀ ਦੇ ਨਿਕਾਸ ਦੀ ਸਮੱਸਿਆ ਨੂੰ ਲੈ ਕੇ ਪਿੰਡ ਵਾਸੀਆਂ ਵਿੱਚ ਰੋਸ ਪਾਇਆ ਜਾ ਰਿਹਾ ਹੈ। ਲੋਕਾਂ ਨੇ ਪ੍ਰਸ਼ਾਸਨ ਖਿਲਾਫ ਨਾਅਰੇਬਾਜ਼ੀ ਕੀਤੀ।
ਪਿੰਡ ਭਾਗਸਰ ਵਿਖੇ ਪਾਣੀ ਦੇ ਨਿਕਾਸ ਦੀ ਸਮੱਸਿਆ ਨੂੰ ਲੈ ਕੇ ਪਿੰਡ ਵਾਸੀਆਂ ਵਿੱਚ ਰੋਸ ਪਾਇਆ ਜਾ ਰਿਹਾ ਹੈ। ਲੋਕਾਂ ਨੇ ਪ੍ਰਸ਼ਾਸਨ ਖਿਲਾਫ ਨਾਅਰੇਬਾਜ਼ੀ ਕੀਤੀ।
ਪਿੰਡ ਭਾਗਸਰ ਵਿਖੇ ਪਾਣੀ ਦੇ ਨਿਕਾਸ ਦੀ ਸਮੱਸਿਆ ਨੂੰ ਲੈ ਕੇ ਪਿੰਡ ਵਾਸੀਆਂ ਵਿੱਚ ਰੋਸ ਪਾਇਆ ਜਾ ਰਿਹਾ ਹੈ। ਲੋਕਾਂ ਨੇ ਪ੍ਰਸ਼ਾਸਨ ਖਿਲਾਫ ਨਾਅਰੇਬਾਜ਼ੀ ਕੀਤੀ।
ਸਰਬਜੀਤ ਪਬਲਿਕ ਸਕੂਲ ਹੁਸ਼ਿਆਰਪੁਰ ਵਿਖੇ ਗ੍ਰੈਜੂਏਸ਼ਨ ਸਮਾਰੋਹ ਧੂਮਧਾਮ ਨਾਲ ਮਨਾਇਆ
ਪੰਜਾਬ ਟਾਇਮਜ਼ ਵਿਸ਼ੇਸ਼
ਹੁਸ਼ਿਆਰਪੁਰ, 31 ਮਾਰਚ (ਪ੍ਰਵੀਨ)-
ਸਕੂਲ ਵਿਖੇ ਗ੍ਰੈਜੂਏਸ਼ਨ ਸਮਾਰੋਹ ਦਾ ਆਯੋਜਨ ਕੀਤਾ ਗਿਆ ਜਿਸ ਵਿੱਚ ਨਿੱਕੇ-ਨਿੱਕੇ ਬੱਚਿਆਂ ਨੂੰ ਸਰਟੀਫਿਕੇਟ ਦੇ ਕੇ ਸਨਮਾਨਿਤ ਕੀਤਾ ਗਿਆ। ਸੈਸ਼ਨ 2025-26 ਦੇ ਵਿਦਿਆਰਥੀਆਂ ਨੇ ਸੱਭਿਆਚਾਰਕ ਪ੍ਰੋਗਰਾਮ ਪੇਸ਼ ਕੀਤੇ।
ਸਕੂਲ ਵਿਖੇ ਗ੍ਰੈਜੂਏਸ਼ਨ ਸਮਾਰੋਹ ਦਾ ਆਯੋਜਨ ਕੀਤਾ ਗਿਆ ਜਿਸ ਵਿੱਚ ਨਿੱਕੇ-ਨਿੱਕੇ ਬੱਚਿਆਂ ਨੂੰ ਸਰਟੀਫਿਕੇਟ ਦੇ ਕੇ ਸਨਮਾਨਿਤ ਕੀਤਾ ਗਿਆ। ਸੈਸ਼ਨ 2025-26 ਦੇ ਵਿਦਿਆਰਥੀਆਂ ਨੇ ਸੱਭਿਆਚਾਰਕ ਪ੍ਰੋਗਰਾਮ ਪੇਸ਼ ਕੀਤੇ।
ਸਕੂਲ ਵਿਖੇ ਗ੍ਰੈਜੂਏਸ਼ਨ ਸਮਾਰੋਹ ਦਾ ਆਯੋਜਨ ਕੀਤਾ ਗਿਆ ਜਿਸ ਵਿੱਚ ਨਿੱਕੇ-ਨਿੱਕੇ ਬੱਚਿਆਂ ਨੂੰ ਸਰਟੀਫਿਕੇਟ ਦੇ ਕੇ ਸਨਮਾਨਿਤ ਕੀਤਾ ਗਿਆ। ਸੈਸ਼ਨ 2025-26 ਦੇ ਵਿਦਿਆਰਥੀਆਂ ਨੇ ਸੱਭਿਆਚਾਰਕ ਪ੍ਰੋਗਰਾਮ ਪੇਸ਼ ਕੀਤੇ।
ਸਕੂਲ ਵਿਖੇ ਗ੍ਰੈਜੂਏਸ਼ਨ ਸਮਾਰੋਹ ਦਾ ਆਯੋਜਨ ਕੀਤਾ ਗਿਆ ਜਿਸ ਵਿੱਚ ਨਿੱਕੇ-ਨਿੱਕੇ ਬੱਚਿਆਂ ਨੂੰ ਸਰਟੀਫਿਕੇਟ ਦੇ ਕੇ ਸਨਮਾਨਿਤ ਕੀਤਾ ਗਿਆ। ਸੈਸ਼ਨ 2025-26 ਦੇ ਵਿਦਿਆਰਥੀਆਂ ਨੇ ਸੱਭਿਆਚਾਰਕ ਪ੍ਰੋਗਰਾਮ ਪੇਸ਼ ਕੀਤੇ।
ਸਕੂਲ ਵਿਖੇ ਗ੍ਰੈਜੂਏਸ਼ਨ ਸਮਾਰੋਹ ਦਾ ਆਯੋਜਨ ਕੀਤਾ ਗਿਆ ਜਿਸ ਵਿੱਚ ਨਿੱਕੇ-ਨਿੱਕੇ ਬੱਚਿਆਂ ਨੂੰ ਸਰਟੀਫਿਕੇਟ ਦੇ ਕੇ ਸਨਮਾਨਿਤ ਕੀਤਾ ਗਿਆ। ਸੈਸ਼ਨ 2025-26 ਦੇ ਵਿਦਿਆਰਥੀਆਂ ਨੇ ਸੱਭਿਆਚਾਰਕ ਪ੍ਰੋਗਰਾਮ ਪੇਸ਼ ਕੀਤੇ।
ਸਕੂਲ ਵਿਖੇ ਗ੍ਰੈਜੂਏਸ਼ਨ ਸਮਾਰੋਹ ਦਾ ਆਯੋਜਨ ਕੀਤਾ ਗਿਆ ਜਿਸ ਵਿੱਚ ਨਿੱਕੇ-ਨਿੱਕੇ ਬੱਚਿਆਂ ਨੂੰ ਸਰਟੀਫਿਕੇਟ ਦੇ ਕੇ ਸਨਮਾਨਿਤ ਕੀਤਾ ਗਿਆ। ਸੈਸ਼ਨ 2025-26 ਦੇ ਵਿਦਿਆਰਥੀਆਂ ਨੇ ਸੱਭਿਆਚਾਰਕ ਪ੍ਰੋਗਰਾਮ ਪੇਸ਼ ਕੀਤੇ।
ਕਿਸਾਨਾਂ ਦੀਆਂ ਭਖਵੀਆਂ ਮੰਗਾਂ ਨੂੰ ਲੈ ਕੇ 6 ਅਪ੍ਰੈਲ ਨੂੰ ਡੀ.ਸੀ ਦਫ਼ਤਰ ਅੱਗੇ ਦਿੱਤਾ ਜਾਵੇਗਾ ਧਰਨਾ : ਸੰਯੁਕਤ ਕਿਸਾਨ ਮੋਰਚਾ ਸ੍ਰੀ ਮੁਕਤਸਰ ਸਾਹਿਬ
ਪੰਜਾਬ ਟਾਇਮਜ਼ ਵਿਸ਼ੇਸ਼
ਸ੍ਰੀ ਮੁਕਤਸਰ ਸਾਹਿਬ, 31 ਮਾਰਚ (ਸੁਖਪਾਲ ਸਿੰਘ)-
ਸੰਯੁਕਤ ਕਿਸਾਨ ਮੋਰਚਾ ਵੱਲੋਂ ਕਿਸਾਨਾਂ ਦੀਆਂ ਭਖਵੀਆਂ ਮੰਗਾਂ ਨੂੰ ਲੈ ਕੇ 6 ਅਪ੍ਰੈਲ ਨੂੰ ਡੀ.ਸੀ ਦਫ਼ਤਰ ਅੱਗੇ ਧਰਨਾ ਦਿੱਤਾ ਜਾਵੇਗਾ। ਆਗੂਆਂ ਨੇ ਕਿਹਾ ਕਿ ਸਰਕਾਰ ਕਿਸਾਨਾਂ ਦੀਆਂ ਮੰਗਾਂ ਵੱਲ ਧਿਆਨ ਨਹੀਂ ਦੇ ਰਹੀ।
ਸੰਯੁਕਤ ਕਿਸਾਨ ਮੋਰਚਾ ਵੱਲੋਂ ਕਿਸਾਨਾਂ ਦੀਆਂ ਭਖਵੀਆਂ ਮੰਗਾਂ ਨੂੰ ਲੈ ਕੇ 6 ਅਪ੍ਰੈਲ ਨੂੰ ਡੀ.ਸੀ ਦਫ਼ਤਰ ਅੱਗੇ ਧਰਨਾ ਦਿੱਤਾ ਜਾਵੇਗਾ। ਆਗੂਆਂ ਨੇ ਕਿਹਾ ਕਿ ਸਰਕਾਰ ਕਿਸਾਨਾਂ ਦੀਆਂ ਮੰਗਾਂ ਵੱਲ ਧਿਆਨ ਨਹੀਂ ਦੇ ਰਹੀ।
ਸੰਯੁਕਤ ਕਿਸਾਨ ਮੋਰਚਾ ਵੱਲੋਂ ਕਿਸਾਨਾਂ ਦੀਆਂ ਭਖਵੀਆਂ ਮੰਗਾਂ ਨੂੰ ਲੈ ਕੇ 6 ਅਪ੍ਰੈਲ ਨੂੰ ਡੀ.ਸੀ ਦਫ਼ਤਰ ਅੱਗੇ ਧਰਨਾ ਦਿੱਤਾ ਜਾਵੇਗਾ। ਆਗੂਆਂ ਨੇ ਕਿਹਾ ਕਿ ਸਰਕਾਰ ਕਿਸਾਨਾਂ ਦੀਆਂ ਮੰਗਾਂ ਵੱਲ ਧਿਆਨ ਨਹੀਂ ਦੇ ਰਹੀ।
ਸੰਯੁਕਤ ਕਿਸਾਨ ਮੋਰਚਾ ਵੱਲੋਂ ਕਿਸਾਨਾਂ ਦੀਆਂ ਭਖਵੀਆਂ ਮੰਗਾਂ ਨੂੰ ਲੈ ਕੇ 6 ਅਪ੍ਰੈਲ ਨੂੰ ਡੀ.ਸੀ ਦਫ਼ਤਰ ਅੱਗੇ ਧਰਨਾ ਦਿੱਤਾ ਜਾਵੇਗਾ। ਆਗੂਆਂ ਨੇ ਕਿਹਾ ਕਿ ਸਰਕਾਰ ਕਿਸਾਨਾਂ ਦੀਆਂ ਮੰਗਾਂ ਵੱਲ ਧਿਆਨ ਨਹੀਂ ਦੇ ਰਹੀ।
ਸੰਯੁਕਤ ਕਿਸਾਨ ਮੋਰਚਾ ਵੱਲੋਂ ਕਿਸਾਨਾਂ ਦੀਆਂ ਭਖਵੀਆਂ ਮੰਗਾਂ ਨੂੰ ਲੈ ਕੇ 6 ਅਪ੍ਰੈਲ ਨੂੰ ਡੀ.ਸੀ ਦਫ਼ਤਰ ਅੱਗੇ ਧਰਨਾ ਦਿੱਤਾ ਜਾਵੇਗਾ। ਆਗੂਆਂ ਨੇ ਕਿਹਾ ਕਿ ਸਰਕਾਰ ਕਿਸਾਨਾਂ ਦੀਆਂ ਮੰਗਾਂ ਵੱਲ ਧਿਆਨ ਨਹੀਂ ਦੇ ਰਹੀ।
ਸੰਯੁਕਤ ਕਿਸਾਨ ਮੋਰਚਾ ਵੱਲੋਂ ਕਿਸਾਨਾਂ ਦੀਆਂ ਭਖਵੀਆਂ ਮੰਗਾਂ ਨੂੰ ਲੈ ਕੇ 6 ਅਪ੍ਰੈਲ ਨੂੰ ਡੀ.ਸੀ ਦਫ਼ਤਰ ਅੱਗੇ ਧਰਨਾ ਦਿੱਤਾ ਜਾਵੇਗਾ। ਆਗੂਆਂ ਨੇ ਕਿਹਾ ਕਿ ਸਰਕਾਰ ਕਿਸਾਨਾਂ ਦੀਆਂ ਮੰਗਾਂ ਵੱਲ ਧਿਆਨ ਨਹੀਂ ਦੇ ਰਹੀ।
ਸੰਯੁਕਤ ਕਿਸਾਨ ਮੋਰਚਾ ਵੱਲੋਂ ਕਿਸਾਨਾਂ ਦੀਆਂ ਭਖਵੀਆਂ ਮੰਗਾਂ ਨੂੰ ਲੈ ਕੇ 6 ਅਪ੍ਰੈਲ ਨੂੰ ਡੀ.ਸੀ ਦਫ਼ਤਰ ਅੱਗੇ ਧਰਨਾ ਦਿੱਤਾ ਜਾਵੇਗਾ। ਆਗੂਆਂ ਨੇ ਕਿਹਾ ਕਿ ਸਰਕਾਰ ਕਿਸਾਨਾਂ ਦੀਆਂ ਮੰਗਾਂ ਵੱਲ ਧਿਆਨ ਨਹੀਂ ਦੇ ਰਹੀ।
ਸੰਯੁਕਤ ਕਿਸਾਨ ਮੋਰਚਾ ਵੱਲੋਂ ਕਿਸਾਨਾਂ ਦੀਆਂ ਭਖਵੀਆਂ ਮੰਗਾਂ ਨੂੰ ਲੈ ਕੇ 6 ਅਪ੍ਰੈਲ ਨੂੰ ਡੀ.ਸੀ ਦਫ਼ਤਰ ਅੱਗੇ ਧਰਨਾ ਦਿੱਤਾ ਜਾਵੇਗਾ। ਆਗੂਆਂ ਨੇ ਕਿਹਾ ਕਿ ਸਰਕਾਰ ਕਿਸਾਨਾਂ ਦੀਆਂ ਮੰਗਾਂ ਵੱਲ ਧਿਆਨ ਨਹੀਂ ਦੇ ਰਹੀ।
ਸੰਯੁਕਤ ਕਿਸਾਨ ਮੋਰਚਾ ਵੱਲੋਂ ਕਿਸਾਨਾਂ ਦੀਆਂ ਭਖਵੀਆਂ ਮੰਗਾਂ ਨੂੰ ਲੈ ਕੇ 6 ਅਪ੍ਰੈਲ ਨੂੰ ਡੀ.ਸੀ ਦਫ਼ਤਰ ਅੱਗੇ ਧਰਨਾ ਦਿੱਤਾ ਜਾਵੇਗਾ। ਆਗੂਆਂ ਨੇ ਕਿਹਾ ਕਿ ਸਰਕਾਰ ਕਿਸਾਨਾਂ ਦੀਆਂ ਮੰਗਾਂ ਵੱਲ ਧਿਆਨ ਨਹੀਂ ਦੇ ਰਹੀ।
